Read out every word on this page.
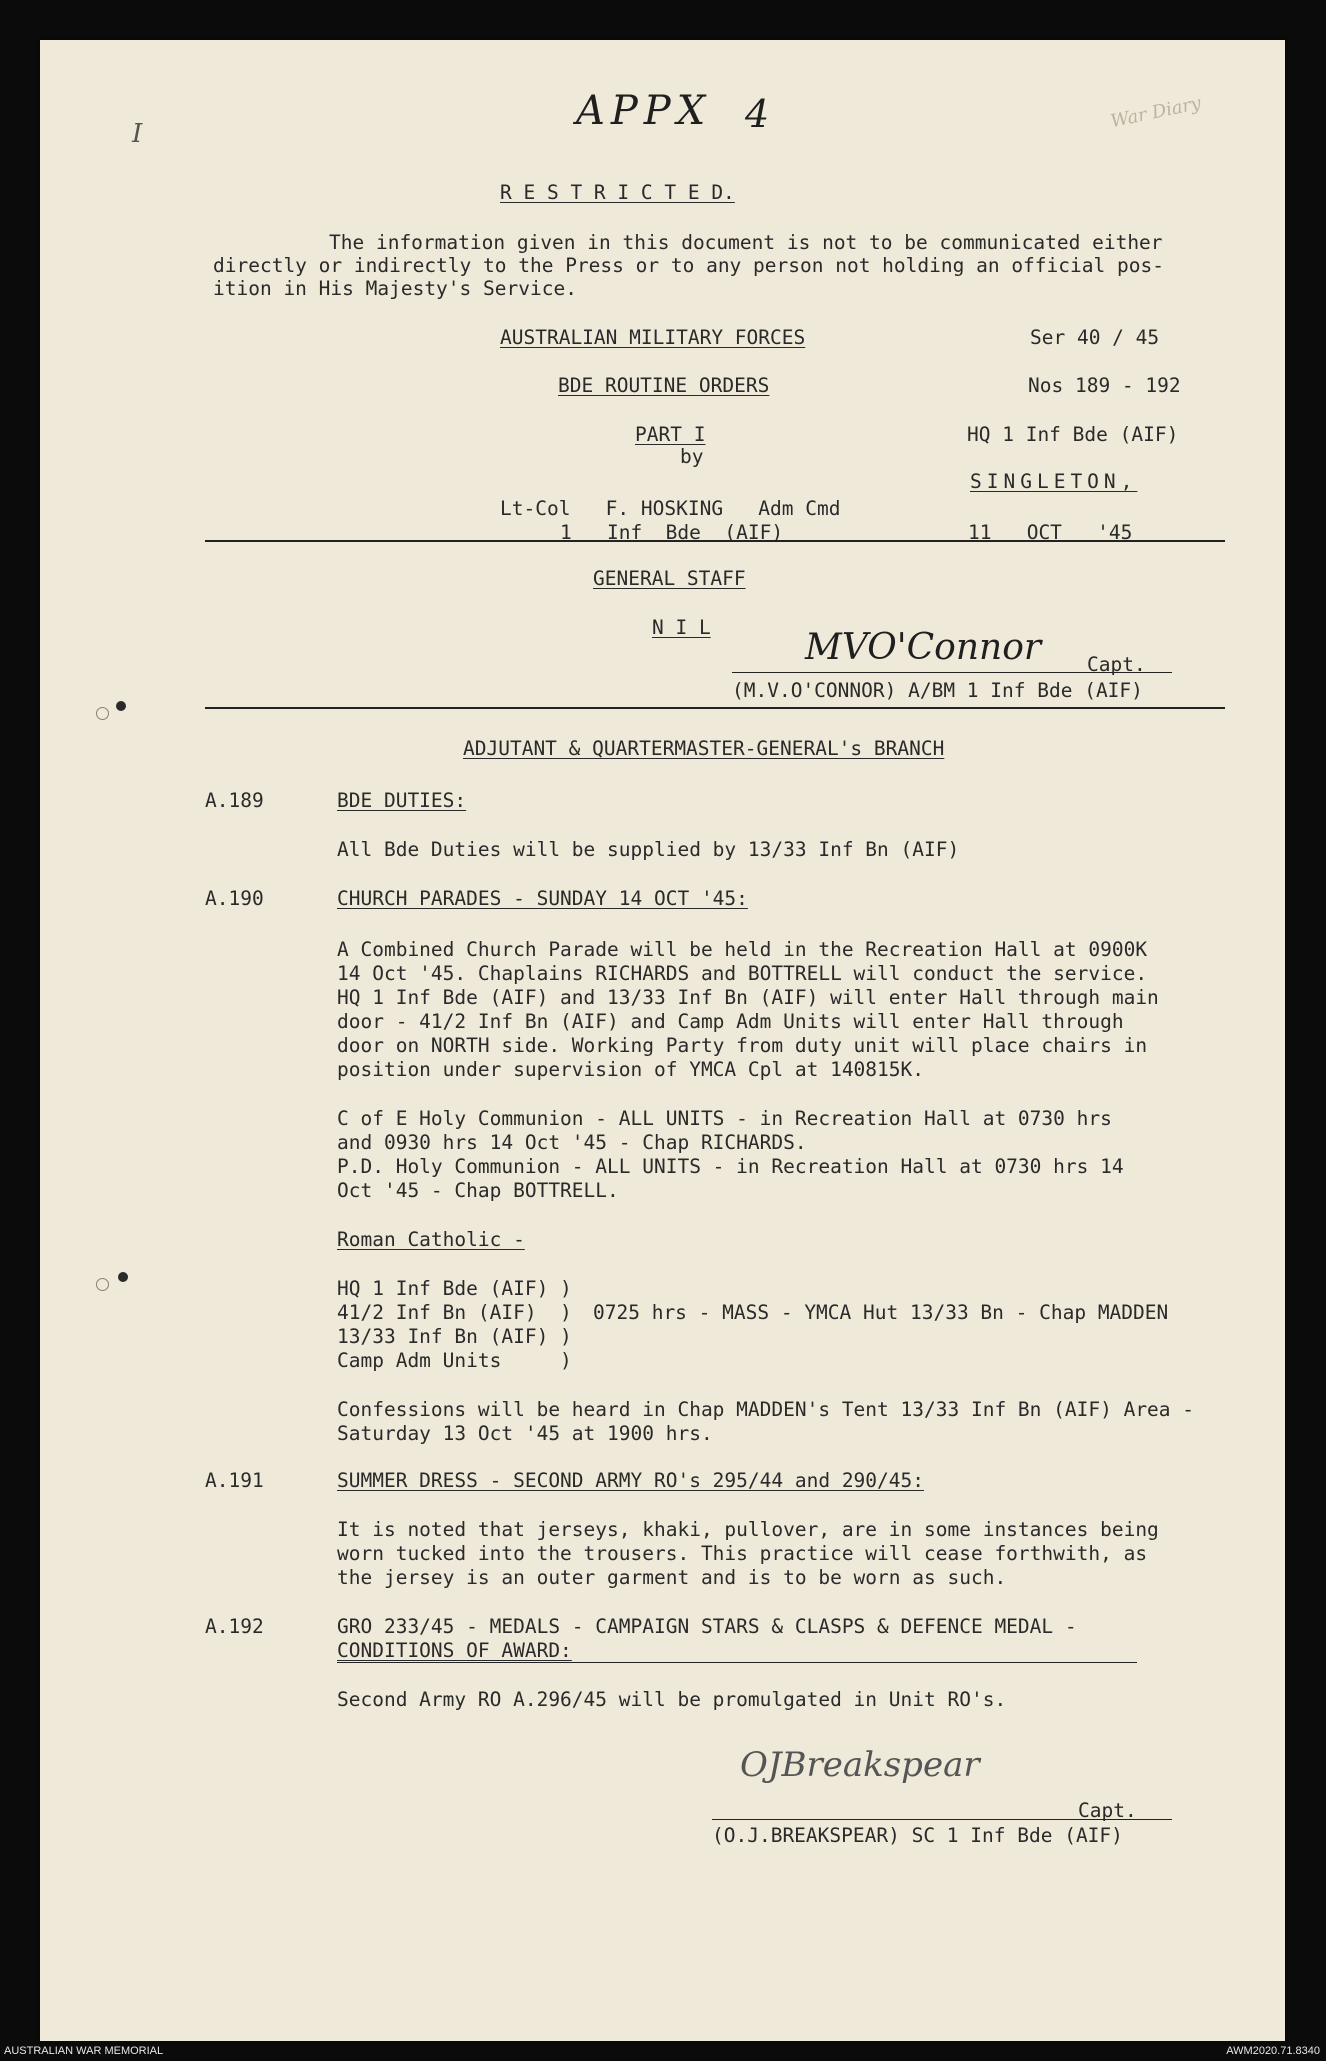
APPX 4
I
War Diary
R E S T R I C T E D.
The information given in this document is not to be communicated either
directly or indirectly to the Press or to any person not holding an official pos-
ition in His Majesty's Service.
AUSTRALIAN MILITARY FORCES	Ser 40 / 45
BDE ROUTINE ORDERS	Nos 189 - 192
PART I	HQ 1 Inf Bde (AIF)
by
SINGLETON,
Lt-Col   F. HOSKING   Adm Cmd
1   Inf  Bde  (AIF)	11   OCT   '45
GENERAL STAFF
N I L	MVO'Connor Capt.
(M.V.O'CONNOR) A/BM 1 Inf Bde (AIF)
ADJUTANT & QUARTERMASTER-GENERAL's BRANCH
A.189	BDE DUTIES:
All Bde Duties will be supplied by 13/33 Inf Bn (AIF)
A.190	CHURCH PARADES - SUNDAY 14 OCT '45:
A Combined Church Parade will be held in the Recreation Hall at 0900K
14 Oct '45. Chaplains RICHARDS and BOTTRELL will conduct the service.
HQ 1 Inf Bde (AIF) and 13/33 Inf Bn (AIF) will enter Hall through main
door - 41/2 Inf Bn (AIF) and Camp Adm Units will enter Hall through
door on NORTH side. Working Party from duty unit will place chairs in
position under supervision of YMCA Cpl at 140815K.
C of E Holy Communion - ALL UNITS - in Recreation Hall at 0730 hrs
and 0930 hrs 14 Oct '45 - Chap RICHARDS.
P.D. Holy Communion - ALL UNITS - in Recreation Hall at 0730 hrs 14
Oct '45 - Chap BOTTRELL.
Roman Catholic -
HQ 1 Inf Bde (AIF) )
41/2 Inf Bn (AIF)  )
13/33 Inf Bn (AIF) )
Camp Adm Units     )
0725 hrs - MASS - YMCA Hut 13/33 Bn - Chap MADDEN
Confessions will be heard in Chap MADDEN's Tent 13/33 Inf Bn (AIF) Area -
Saturday 13 Oct '45 at 1900 hrs.
A.191	SUMMER DRESS - SECOND ARMY RO's 295/44 and 290/45:
It is noted that jerseys, khaki, pullover, are in some instances being
worn tucked into the trousers. This practice will cease forthwith, as
the jersey is an outer garment and is to be worn as such.
A.192	GRO 233/45 - MEDALS - CAMPAIGN STARS & CLASPS & DEFENCE MEDAL -
CONDITIONS OF AWARD:
Second Army RO A.296/45 will be promulgated in Unit RO's.
OJBreakspear
Capt.
(O.J.BREAKSPEAR) SC 1 Inf Bde (AIF)
AUSTRALIAN WAR MEMORIAL	AWM2020.71.8340
